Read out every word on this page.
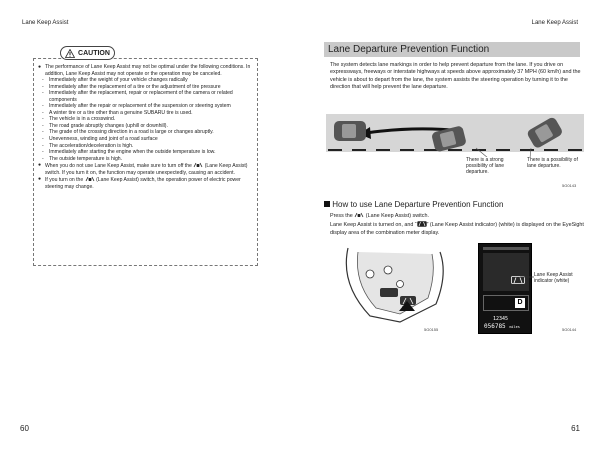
Lane Keep Assist	Lane Keep Assist
CAUTION

● The performance of Lane Keep Assist may not be optimal under the following conditions. In addition, Lane Keep Assist may not operate or the operation may be canceled.

- Immediately after the weight of your vehicle changes radically

- Immediately after the replacement of a tire or the adjustment of tire pressure

- Immediately after the replacement, repair or replacement of the camera or related components

- Immediately after the repair or replacement of the suspension or steering system

- A winter tire or a tire other than a genuine SUBARU tire is used.

- The vehicle is in a crosswind.

- The road grade abruptly changes (uphill or downhill).

- The grade of the crossing direction in a road is large or changes abruptly.

- Unevenness, winding and joint of a road surface

- The acceleration/deceleration is high.

- Immediately after starting the engine when the outside temperature is low.

- The outside temperature is high.

● When you do not use Lane Keep Assist, make sure to turn off the	(Lane Keep Assist) switch. If you turn it on, the function may operate unexpectedly, causing an accident.

● If you turn on the	(Lane Keep Assist) switch, the operation power of electric power steering may change.

60
Lane Departure Prevention Function
The system detects lane markings in order to help prevent departure from the lane. If you drive on expressways, freeways or interstate highways at speeds above approximately 37 MPH (60 km/h) and the vehicle is about to depart from the lane, the system assists the steering operation by turning it to the direction that will help prevent the lane departure.
There is a strong possibility of lane departure.
There is a possibility of lane departure.
5G0143
How to use Lane Departure Prevention Function
Press the (Lane Keep Assist) switch.
Lane Keep Assist is turned on, and “ ” (Lane Keep Assist indicator) (white) is displayed on the EyeSight display area of the combination meter display.
5G0155
D
12345
056785 miles
Lane Keep Assist indicator (white)
5G0144
61
